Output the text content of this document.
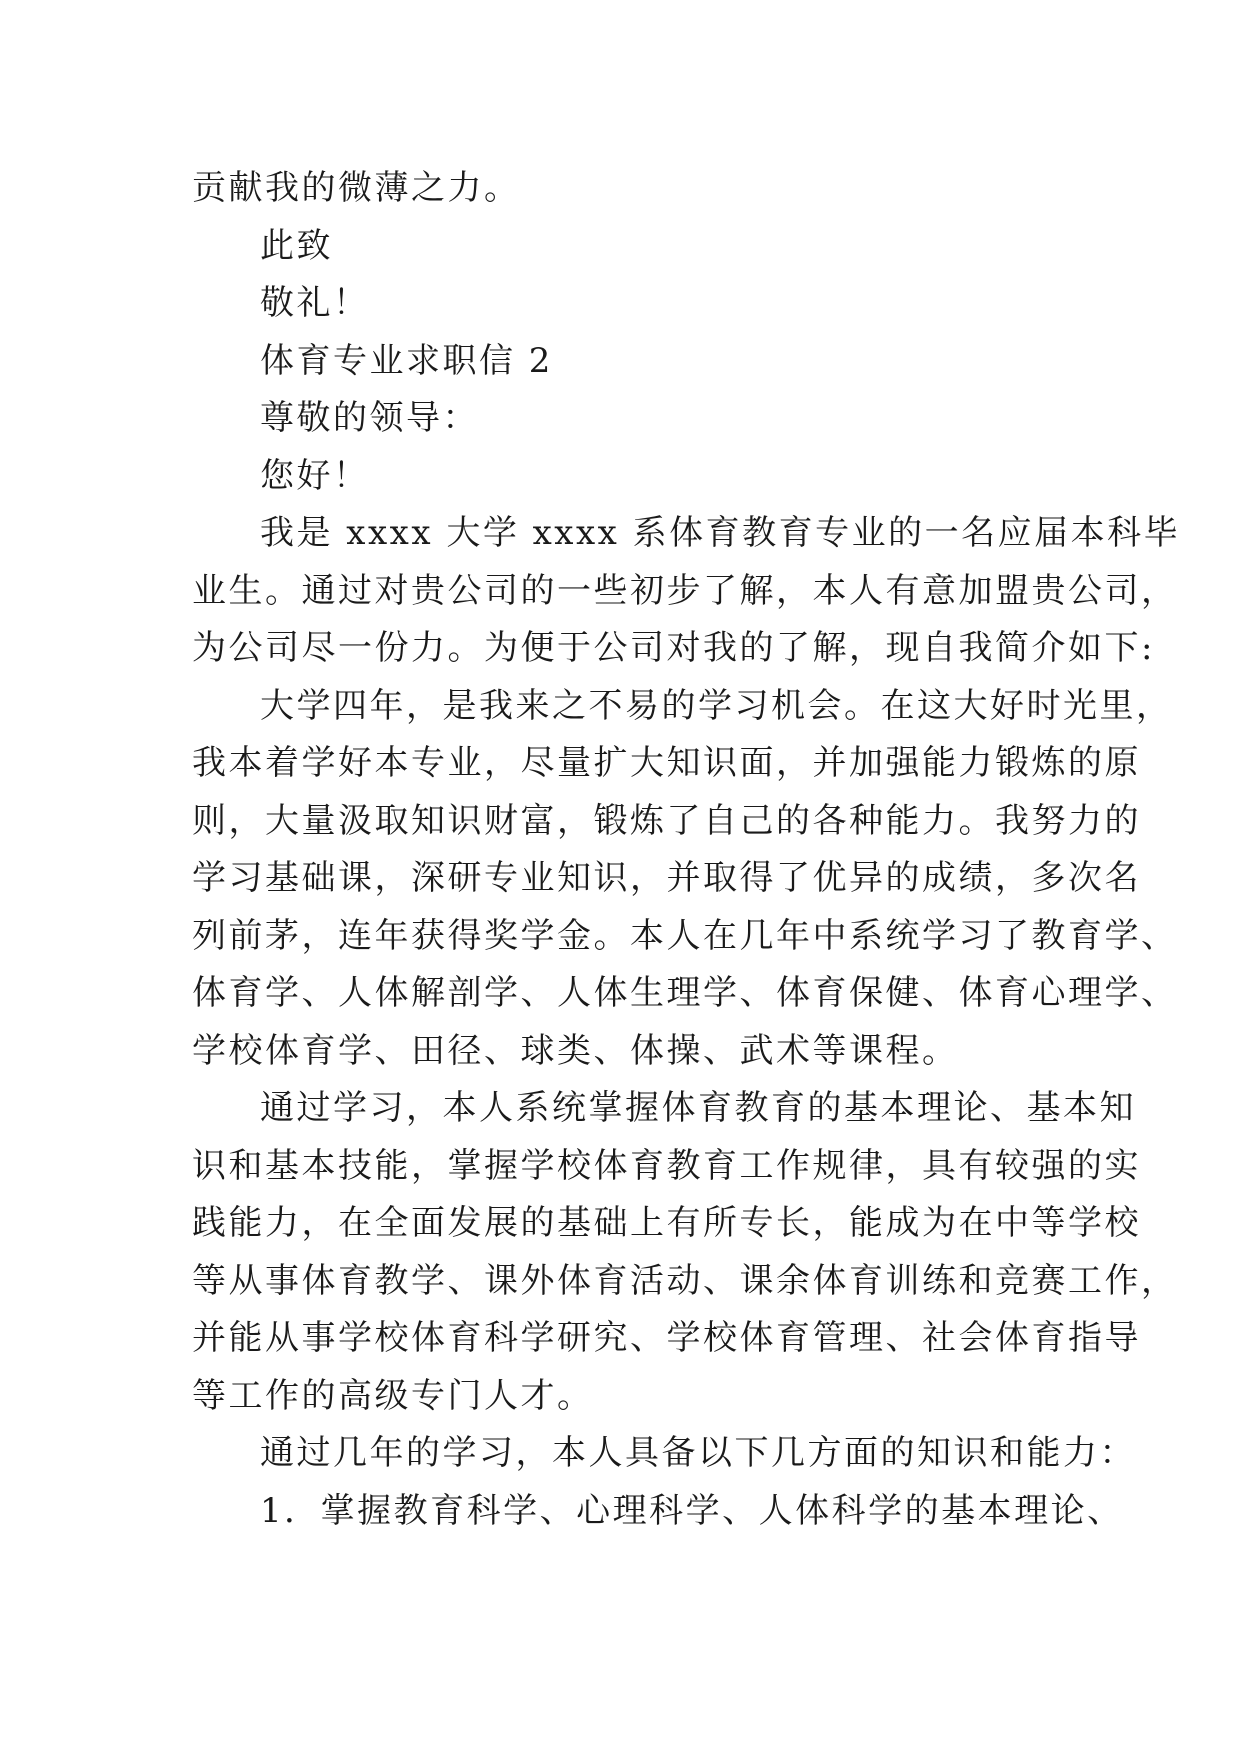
贡献我的微薄之力。

此致

敬礼！

体育专业求职信 2

尊敬的领导：

您好！

我是 xxxx 大学 xxxx 系体育教育专业的一名应届本科毕

业生。通过对贵公司的一些初步了解，本人有意加盟贵公司，

为公司尽一份力。为便于公司对我的了解，现自我简介如下:

大学四年，是我来之不易的学习机会。在这大好时光里，

我本着学好本专业，尽量扩大知识面，并加强能力锻炼的原

则，大量汲取知识财富，锻炼了自己的各种能力。我努力的

学习基础课，深研专业知识，并取得了优异的成绩，多次名

列前茅，连年获得奖学金。本人在几年中系统学习了教育学、

体育学、人体解剖学、人体生理学、体育保健、体育心理学、

学校体育学、田径、球类、体操、武术等课程。

通过学习，本人系统掌握体育教育的基本理论、基本知

识和基本技能，掌握学校体育教育工作规律，具有较强的实

践能力，在全面发展的基础上有所专长，能成为在中等学校

等从事体育教学、课外体育活动、课余体育训练和竞赛工作，

并能从事学校体育科学研究、学校体育管理、社会体育指导

等工作的高级专门人才。

通过几年的学习，本人具备以下几方面的知识和能力：

1．掌握教育科学、心理科学、人体科学的基本理论、
